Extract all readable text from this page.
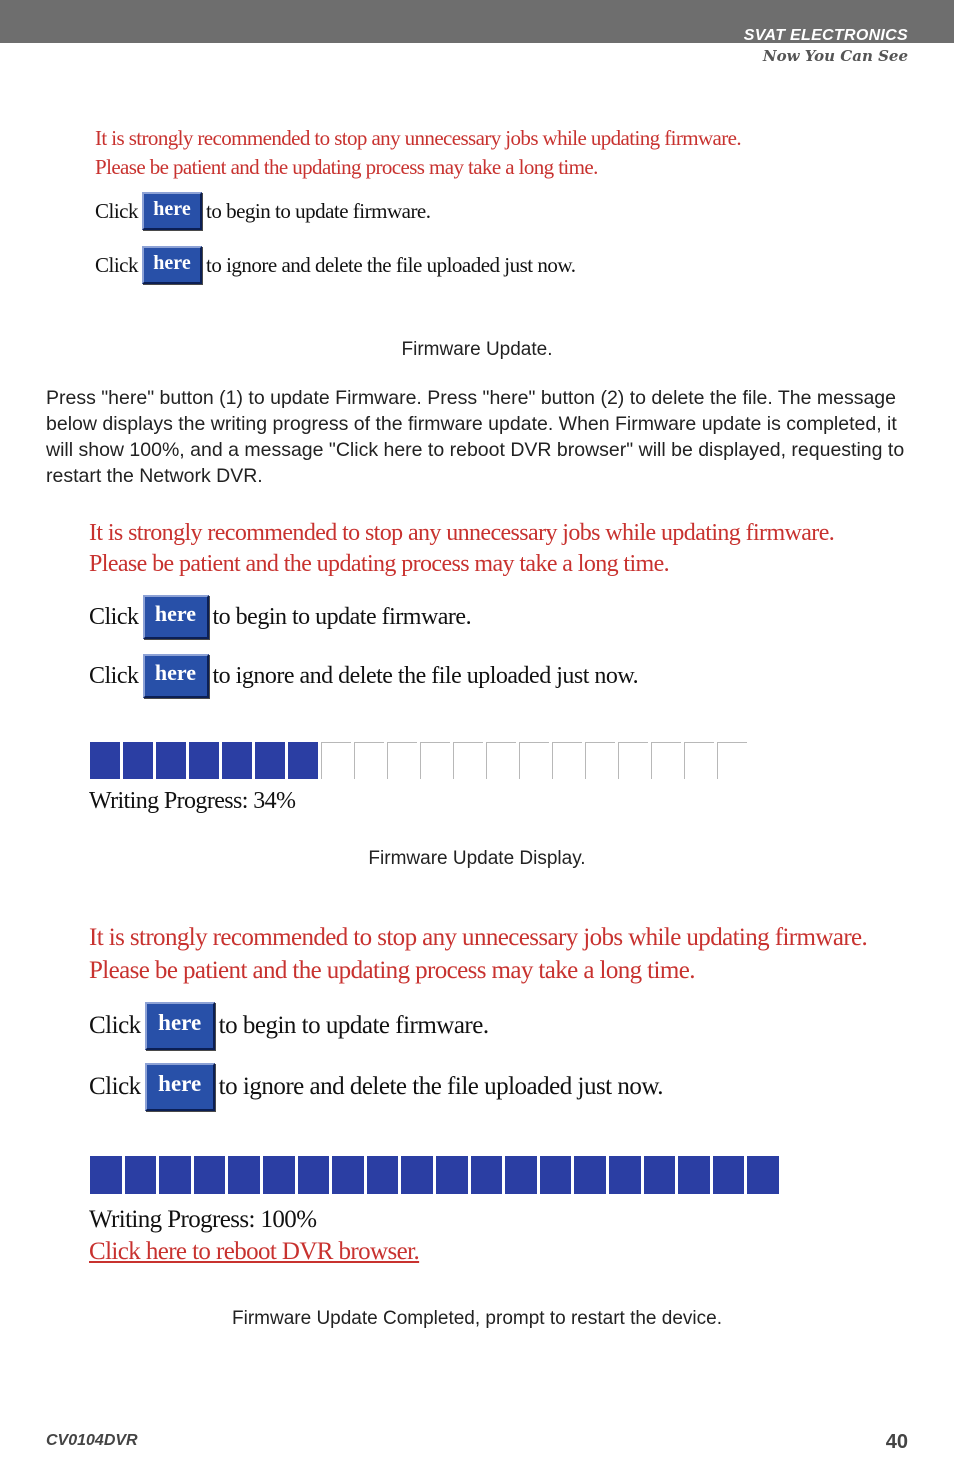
SVAT ELECTRONICS
Now You Can See
It is strongly recommended to stop any unnecessary jobs while updating firmware.
Please be patient and the updating process may take a long time.
Click here to begin to update firmware.
Click here to ignore and delete the file uploaded just now.
Firmware Update.
Press "here" button (1) to update Firmware. Press "here" button (2) to delete the file. The message below displays the writing progress of the firmware update. When Firmware update is completed, it will show 100%, and a message "Click here to reboot DVR browser" will be displayed, requesting to restart the Network DVR.
It is strongly recommended to stop any unnecessary jobs while updating firmware.
Please be patient and the updating process may take a long time.
Click here to begin to update firmware.
Click here to ignore and delete the file uploaded just now.
Writing Progress: 34%
Firmware Update Display.
It is strongly recommended to stop any unnecessary jobs while updating firmware.
Please be patient and the updating process may take a long time.
Click here to begin to update firmware.
Click here to ignore and delete the file uploaded just now.
Writing Progress: 100%
Click here to reboot DVR browser.
Firmware Update Completed, prompt to restart the device.
CV0104DVR	40
